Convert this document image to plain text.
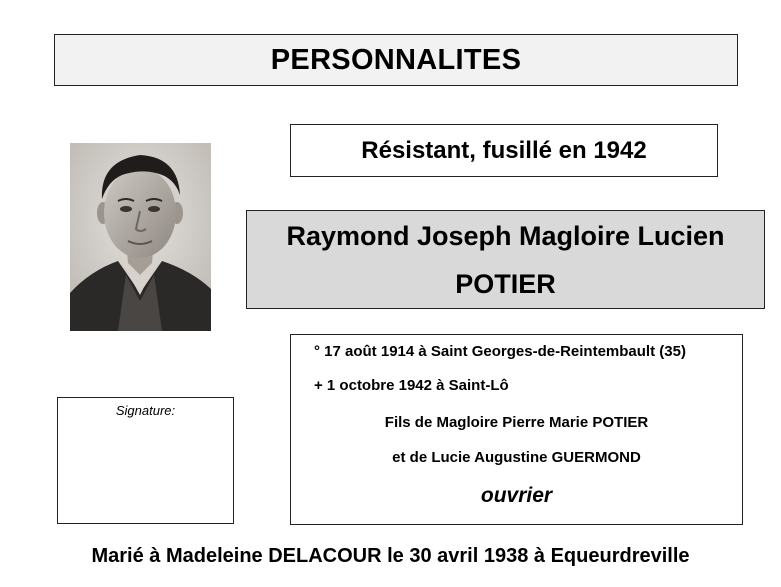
PERSONNALITES
Résistant, fusillé en 1942
Raymond Joseph Magloire Lucien
POTIER
Signature:
° 17 août 1914 à Saint Georges-de-Reintembault (35)
+ 1 octobre 1942 à Saint-Lô
Fils de Magloire Pierre Marie POTIER
et de Lucie Augustine GUERMOND
ouvrier
Marié à Madeleine DELACOUR le 30 avril 1938 à Equeurdreville
